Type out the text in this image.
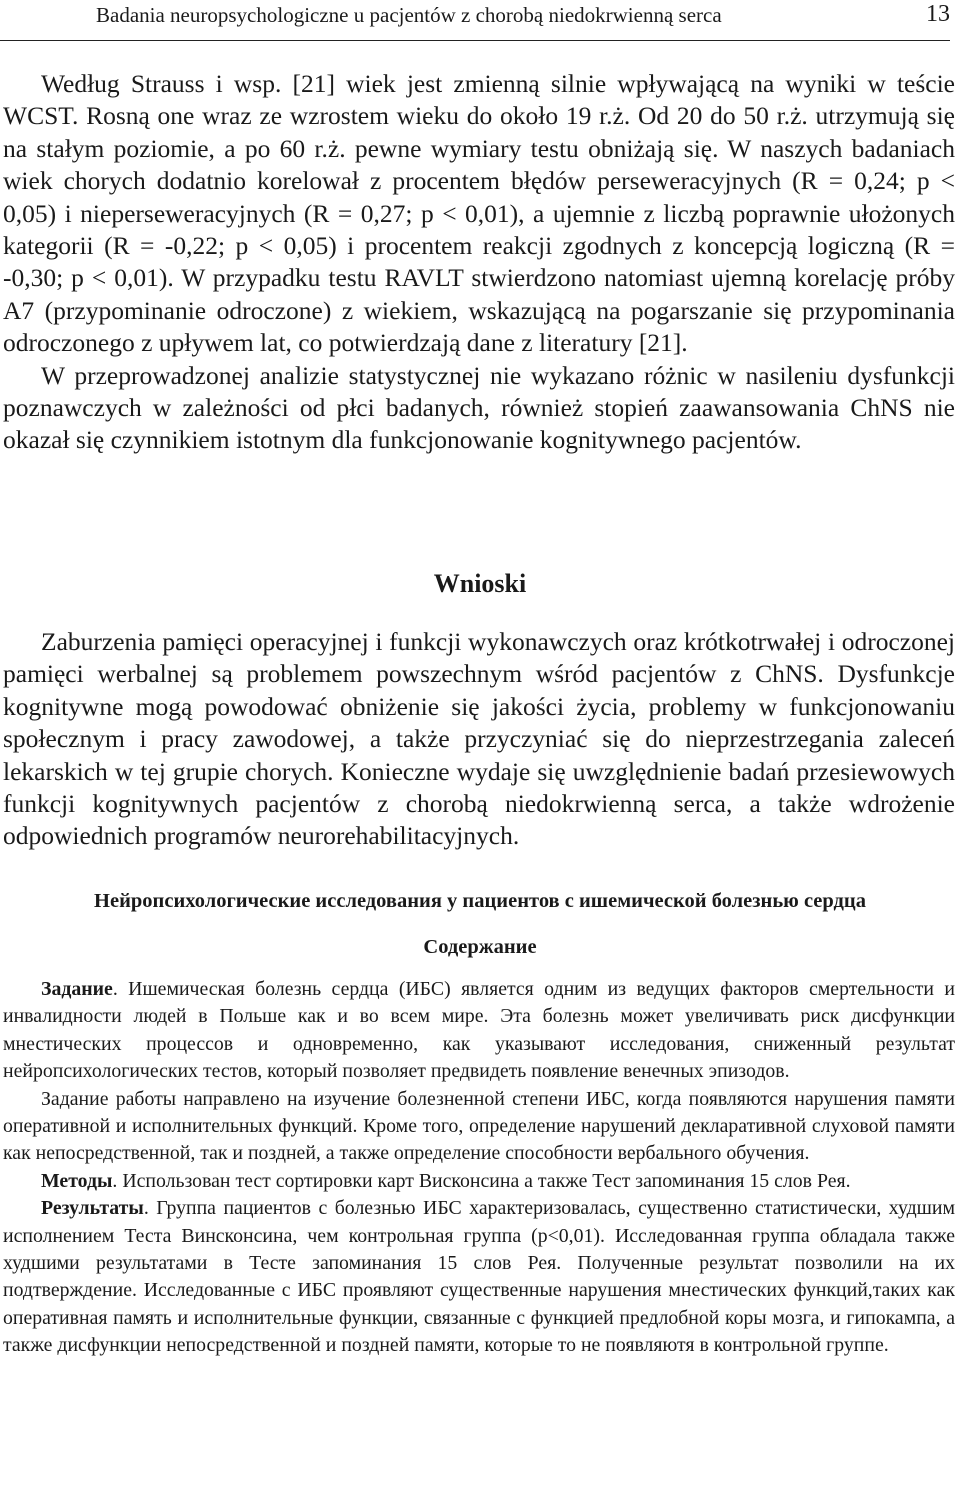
Badania neuropsychologiczne u pacjentów z chorobą niedokrwienną serca	13

Według Strauss i wsp. [21] wiek jest zmienną silnie wpływającą na wyniki w teście WCST. Rosną one wraz ze wzrostem wieku do około 19 r.ż. Od 20 do 50 r.ż. utrzymują się na stałym poziomie, a po 60 r.ż. pewne wymiary testu obniżają się. W naszych badaniach wiek chorych dodatnio korelował z procentem błędów perseweracyjnych (R = 0,24; p < 0,05) i nieperseweracyjnych (R = 0,27; p < 0,01), a ujemnie z liczbą poprawnie ułożonych kategorii (R = -0,22; p < 0,05) i procentem reakcji zgodnych z koncepcją logiczną (R = -0,30; p < 0,01). W przypadku testu RAVLT stwierdzono natomiast ujemną korelację próby A7 (przypominanie odroczone) z wiekiem, wskazującą na pogarszanie się przypominania odroczonego z upływem lat, co potwierdzają dane z literatury [21].

W przeprowadzonej analizie statystycznej nie wykazano różnic w nasileniu dysfunkcji poznawczych w zależności od płci badanych, również stopień zaawansowania ChNS nie okazał się czynnikiem istotnym dla funkcjonowanie kognitywnego pacjentów.

Wnioski

Zaburzenia pamięci operacyjnej i funkcji wykonawczych oraz krótkotrwałej i odroczonej pamięci werbalnej są problemem powszechnym wśród pacjentów z ChNS. Dysfunkcje kognitywne mogą powodować obniżenie się jakości życia, problemy w funkcjonowaniu społecznym i pracy zawodowej, a także przyczyniać się do nieprzestrzegania zaleceń lekarskich w tej grupie chorych. Konieczne wydaje się uwzględnienie badań przesiewowych funkcji kognitywnych pacjentów z chorobą niedokrwienną serca, a także wdrożenie odpowiednich programów neurorehabilitacyjnych.

Нейропсихологические исследования у пациентов с ишемической болезнью сердца
Содержание

Задание. Ишемическая болезнь сердца (ИБС) является одним из ведущих факторов смертельности и инвалидности людей в Польше как и во всем мире. Эта болезнь может увеличивать риск дисфункции мнестических процессов и одновременно, как указывают исследования, сниженный результат нейропсихологических тестов, который позволяет предвидеть появление венечных эпизодов.

Задание работы направлено на изучение болезненной степени ИБС, когда появляются нарушения памяти оперативной и исполнительных функций. Кроме того, определение нарушений декларативной слуховой памяти как непосредственной, так и поздней, а также определение способности вербального обучения.

Методы. Использован тест сортировки карт Висконсина а также Тест запоминания 15 слов Рея.

Результаты. Группа пациентов с болезнью ИБС характеризовалась, существенно статистически, худшим исполнением Теста Винсконсина, чем контрольная группа (p<0,01). Исследованная группа обладала также худшими результатами в Тесте запоминания 15 слов Рея. Полученные результат позволили на их подтверждение. Исследованные с ИБС проявляют существенные нарушения мнестических функций,таких как оперативная память и исполнительные функции, связанные с функцией предлобной коры мозга, и гипокампа, а также дисфункции непосредственной и поздней памяти, которые то не появляютя в контрольной группе.
